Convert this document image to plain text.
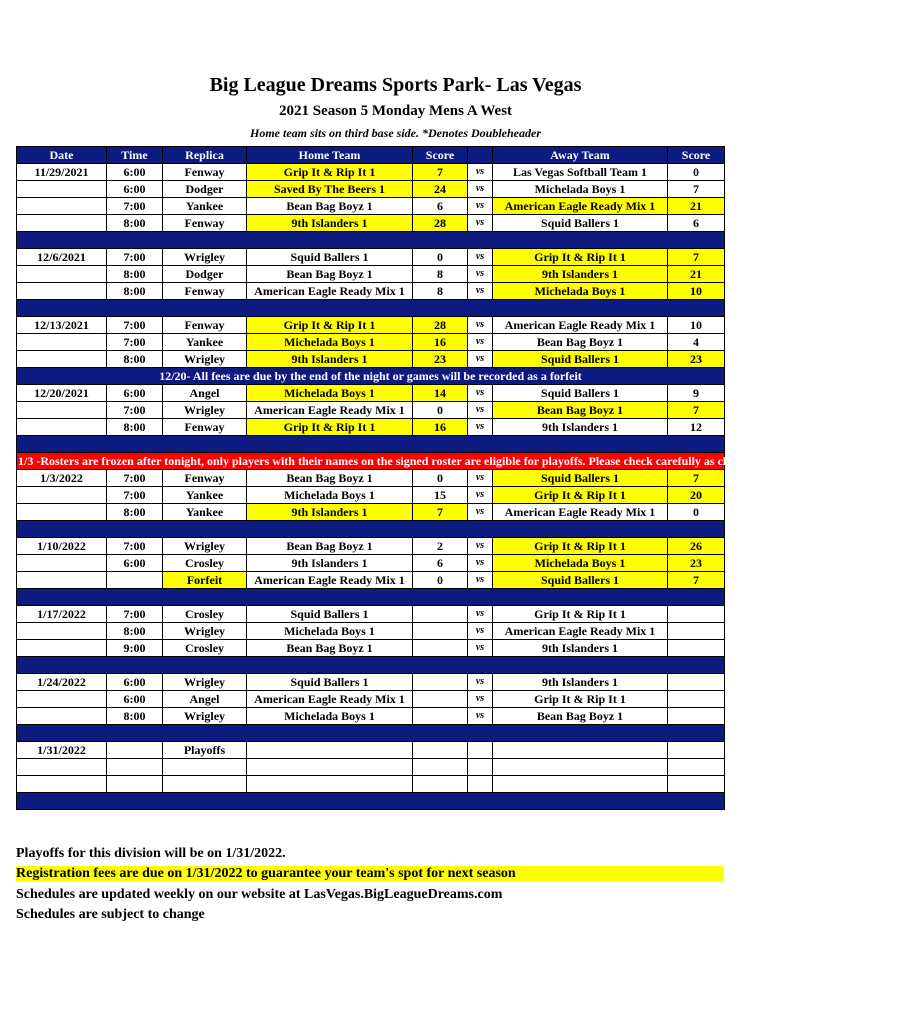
Big League Dreams Sports Park- Las Vegas
2021 Season 5 Monday Mens A West
Home team sits on third base side. *Denotes Doubleheader
Date	Time	Replica	Home Team	Score		Away Team	Score
11/29/2021	6:00	Fenway	Grip It & Rip It 1	7	vs	Las Vegas Softball Team 1	0
	6:00	Dodger	Saved By The Beers 1	24	vs	Michelada Boys 1	7
	7:00	Yankee	Bean Bag Boyz 1	6	vs	American Eagle Ready Mix 1	21
	8:00	Fenway	9th Islanders 1	28	vs	Squid Ballers 1	6

12/6/2021	7:00	Wrigley	Squid Ballers 1	0	vs	Grip It & Rip It 1	7
	8:00	Dodger	Bean Bag Boyz 1	8	vs	9th Islanders 1	21
	8:00	Fenway	American Eagle Ready Mix 1	8	vs	Michelada Boys 1	10

12/13/2021	7:00	Fenway	Grip It & Rip It 1	28	vs	American Eagle Ready Mix 1	10
	7:00	Yankee	Michelada Boys 1	16	vs	Bean Bag Boyz 1	4
	8:00	Wrigley	9th Islanders 1	23	vs	Squid Ballers 1	23
12/20- All fees are due by the end of the night or games will be recorded as a forfeit							
12/20/2021	6:00	Angel	Michelada Boys 1	14	vs	Squid Ballers 1	9
	7:00	Wrigley	American Eagle Ready Mix 1	0	vs	Bean Bag Boyz 1	7
	8:00	Fenway	Grip It & Rip It 1	16	vs	9th Islanders 1	12

1/3 -Rosters are frozen after tonight, only players with their names on the signed roster are eligible for playoffs. Please check carefully as changes will not be made for omissions.							
1/3/2022	7:00	Fenway	Bean Bag Boyz 1	0	vs	Squid Ballers 1	7
	7:00	Yankee	Michelada Boys 1	15	vs	Grip It & Rip It 1	20
	8:00	Yankee	9th Islanders 1	7	vs	American Eagle Ready Mix 1	0

1/10/2022	7:00	Wrigley	Bean Bag Boyz 1	2	vs	Grip It & Rip It 1	26
	6:00	Crosley	9th Islanders 1	6	vs	Michelada Boys 1	23
		Forfeit	American Eagle Ready Mix 1	0	vs	Squid Ballers 1	7

1/17/2022	7:00	Crosley	Squid Ballers 1		vs	Grip It & Rip It 1	
	8:00	Wrigley	Michelada Boys 1		vs	American Eagle Ready Mix 1	
	9:00	Crosley	Bean Bag Boyz 1		vs	9th Islanders 1	

1/24/2022	6:00	Wrigley	Squid Ballers 1		vs	9th Islanders 1	
	6:00	Angel	American Eagle Ready Mix 1		vs	Grip It & Rip It 1	
	8:00	Wrigley	Michelada Boys 1		vs	Bean Bag Boyz 1	

1/31/2022		Playoffs					

Playoffs for this division will be on 1/31/2022.
Registration fees are due on 1/31/2022 to guarantee your team's spot for next season
Schedules are updated weekly on our website at LasVegas.BigLeagueDreams.com
Schedules are subject to change
